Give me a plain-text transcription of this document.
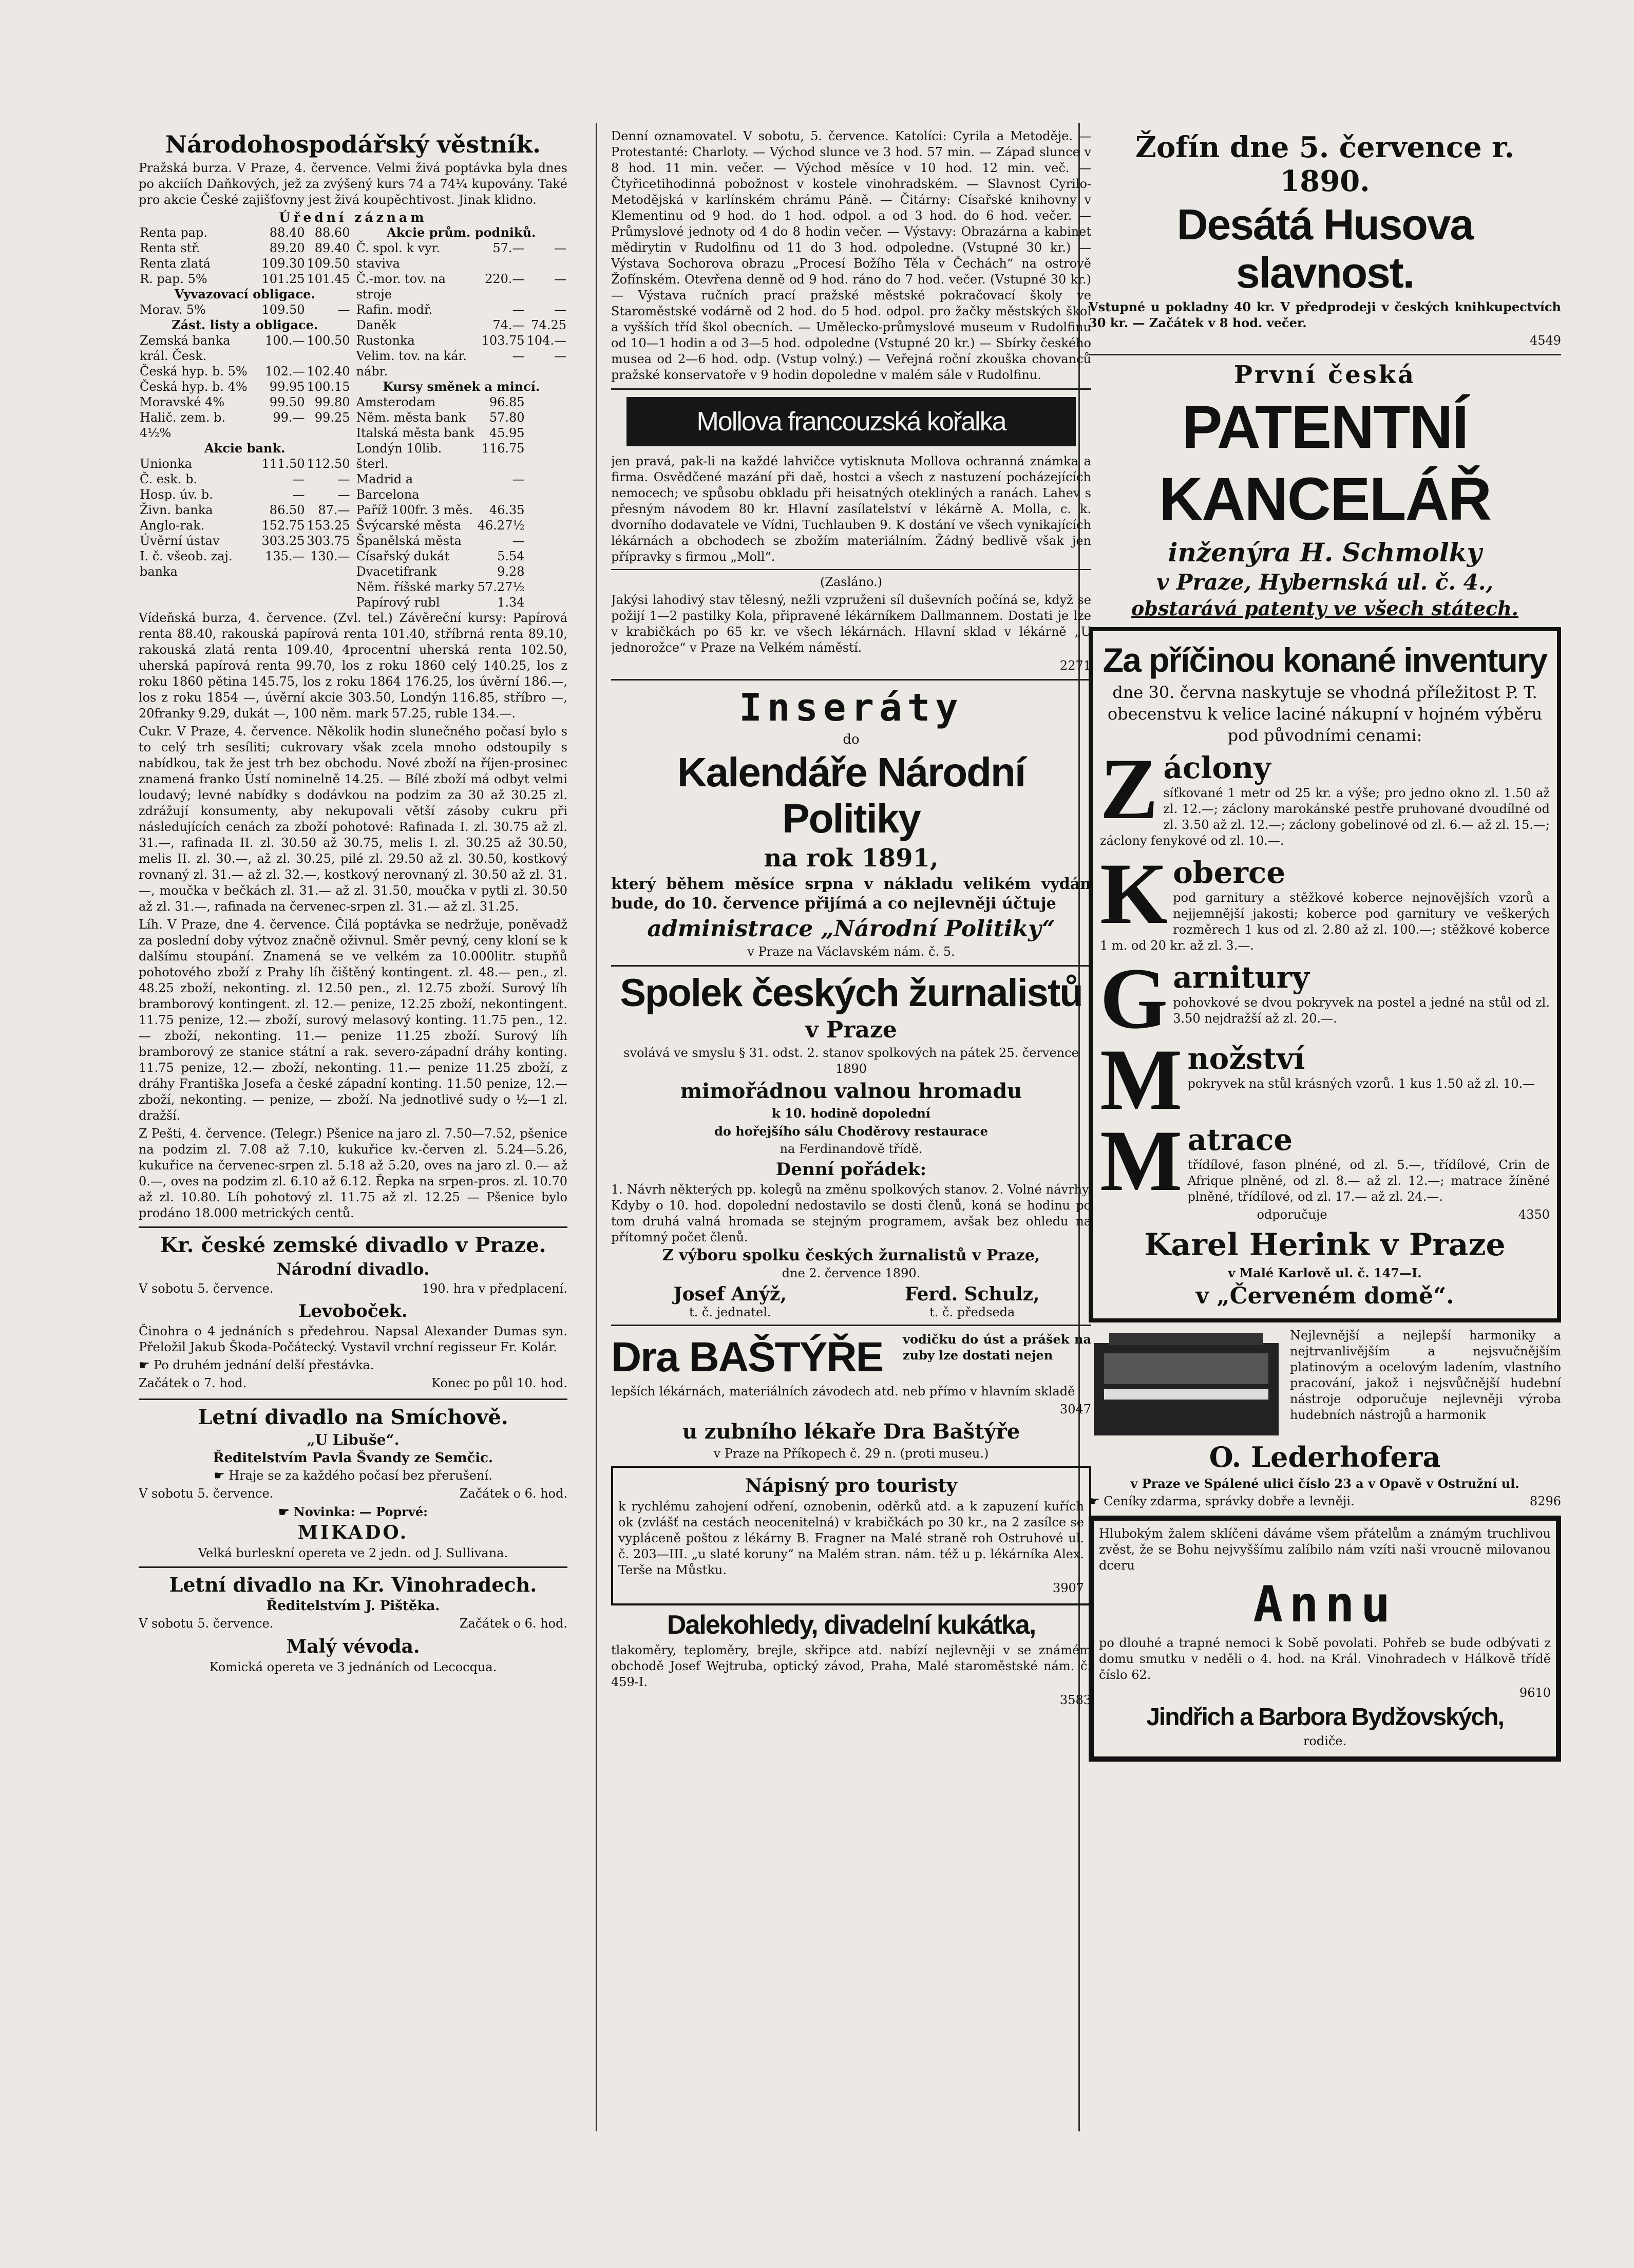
Národohospodářský věstník.

Pražská burza. V Praze, 4. července. Velmi živá poptávka byla dnes po akciích Daňkových, jež za zvýšený kurs 74 a 74¼ kupovány. Také pro akcie České zajišťovny jest živá koupěchtivost. Jinak klidno.

Úřední záznam
Renta pap.	88.40	88.60
Renta stř.	89.20	89.40
Renta zlatá	109.30	109.50
R. pap. 5%	101.25	101.45
Vyvazovací obligace.		
Morav. 5%	109.50	—
Zást. listy a obligace.		
Zemská banka král. Česk.	100.—	100.50
Česká hyp. b. 5%	102.—	102.40
Česká hyp. b. 4%	99.95	100.15
Moravské 4%	99.50	99.80
Halič. zem. b. 4½%	99.—	99.25
Akcie bank.		
Unionka	111.50	112.50
Č. esk. b.	—	—
Hosp. úv. b.	—	—
Živn. banka	86.50	87.—
Anglo-rak.	152.75	153.25
Úvěrní ústav	303.25	303.75
I. č. všeob. zaj. banka	135.—	130.—
Akcie prům. podniků.		
Č. spol. k vyr. staviva	57.—	—
Č.-mor. tov. na stroje	220.—	—
Rafin. modř.	—	—
Daněk	74.—	74.25
Rustonka	103.75	104.—
Velim. tov. na kár. nábr.	—	—
Kursy směnek a mincí.		
Amsterodam	96.85	
Něm. města bank	57.80	
Italská města bank	45.95	
Londýn 10lib. šterl.	116.75	
Madrid a Barcelona	—	
Paříž 100fr. 3 měs.	46.35	
Švýcarské města	46.27½	
Španělská města	—	
Císařský dukát	5.54	
Dvacetifrank	9.28	
Něm. říšské marky	57.27½	
Papírový rubl	1.34	

Vídeňská burza, 4. července. (Zvl. tel.) Závěreční kursy: Papírová renta 88.40, rakouská papírová renta 101.40, stříbrná renta 89.10, rakouská zlatá renta 109.40, 4procentní uherská renta 102.50, uherská papírová renta 99.70, los z roku 1860 celý 140.25, los z roku 1860 pětina 145.75, los z roku 1864 176.25, los úvěrní 186.—, los z roku 1854 —, úvěrní akcie 303.50, Londýn 116.85, stříbro —, 20franky 9.29, dukát —, 100 něm. mark 57.25, ruble 134.—.

Cukr. V Praze, 4. července. Několik hodin slunečného počasí bylo s to celý trh sesíliti; cukrovary však zcela mnoho odstoupily s nabídkou, tak že jest trh bez obchodu. Nové zboží na říjen-prosinec znamená franko Ústí nominelně 14.25. — Bílé zboží má odbyt velmi loudavý; levné nabídky s dodávkou na podzim za 30 až 30.25 zl. zdrážují konsumenty, aby nekupovali větší zásoby cukru při následujících cenách za zboží pohotové: Rafinada I. zl. 30.75 až zl. 31.—, rafinada II. zl. 30.50 až 30.75, melis I. zl. 30.25 až 30.50, melis II. zl. 30.—, až zl. 30.25, pilé zl. 29.50 až zl. 30.50, kostkový rovnaný zl. 31.— až zl. 32.—, kostkový nerovnaný zl. 30.50 až zl. 31.—, moučka v bečkách zl. 31.— až zl. 31.50, moučka v pytli zl. 30.50 až zl. 31.—, rafinada na červenec-srpen zl. 31.— až zl. 31.25.

Líh. V Praze, dne 4. července. Čilá poptávka se nedržuje, poněvadž za poslední doby výtvoz značně oživnul. Směr pevný, ceny kloní se k dalšímu stoupání. Znamená se ve velkém za 10.000litr. stupňů pohotového zboží z Prahy líh čištěný kontingent. zl. 48.— pen., zl. 48.25 zboží, nekonting. zl. 12.50 pen., zl. 12.75 zboží. Surový líh bramborový kontingent. zl. 12.— penize, 12.25 zboží, nekontingent. 11.75 penize, 12.— zboží, surový melasový konting. 11.75 pen., 12.— zboží, nekonting. 11.— penize 11.25 zboží. Surový líh bramborový ze stanice státní a rak. severo-západní dráhy konting. 11.75 penize, 12.— zboží, nekonting. 11.— penize 11.25 zboží, z dráhy Františka Josefa a české západní konting. 11.50 penize, 12.— zboží, nekonting. — penize, — zboží. Na jednotlivé sudy o ½—1 zl. dražší.

Z Pešti, 4. července. (Telegr.) Pšenice na jaro zl. 7.50—7.52, pšenice na podzim zl. 7.08 až 7.10, kukuřice kv.-červen zl. 5.24—5.26, kukuřice na červenec-srpen zl. 5.18 až 5.20, oves na jaro zl. 0.— až 0.—, oves na podzim zl. 6.10 až 6.12. Řepka na srpen-pros. zl. 10.70 až zl. 10.80. Líh pohotový zl. 11.75 až zl. 12.25 — Pšenice bylo prodáno 18.000 metrických centů.

Kr. české zemské divadlo v Praze.
Národní divadlo.

V sobotu 5. července.	190. hra v předplacení.

Levoboček.

Činohra o 4 jednáních s předehrou. Napsal Alexander Dumas syn. Přeložil Jakub Škoda-Počátecký. Vystavil vrchní regisseur Fr. Kolár.

☛ Po druhém jednání delší přestávka.

Začátek o 7. hod.	Konec po půl 10. hod.

Letní divadlo na Smíchově.
„U Libuše“.
Ředitelstvím Pavla Švandy ze Semčic.

☛ Hraje se za každého počasí bez přerušení.

V sobotu 5. července.	Začátek o 6. hod.

☛ Novinka: — Poprvé:

MIKADO.

Velká burleskní opereta ve 2 jedn. od J. Sullivana.

Letní divadlo na Kr. Vinohradech.
Ředitelstvím J. Pištěka.

V sobotu 5. července.	Začátek o 6. hod.

Malý vévoda.

Komická opereta ve 3 jednáních od Lecocqua.

Denní oznamovatel. V sobotu, 5. července. Katolíci: Cyrila a Metoděje. — Protestanté: Charloty. — Východ slunce ve 3 hod. 57 min. — Západ slunce v 8 hod. 11 min. večer. — Východ měsíce v 10 hod. 12 min. več. — Čtyřicetihodinná pobožnost v kostele vinohradském. — Slavnost Cyrilo-Metodějská v karlínském chrámu Páně. — Čitárny: Císařské knihovny v Klementinu od 9 hod. do 1 hod. odpol. a od 3 hod. do 6 hod. večer. — Průmyslové jednoty od 4 do 8 hodin večer. — Výstavy: Obrazárna a kabinet mědirytin v Rudolfinu od 11 do 3 hod. odpoledne. (Vstupné 30 kr.) — Výstava Sochorova obrazu „Procesí Božího Těla v Čechách“ na ostrově Žofínském. Otevřena denně od 9 hod. ráno do 7 hod. večer. (Vstupné 30 kr.) — Výstava ručních prací pražské městské pokračovací školy ve Staroměstské vodárně od 2 hod. do 5 hod. odpol. pro žačky městských škol a vyšších tříd škol obecních. — Umělecko-průmyslové museum v Rudolfinu od 10—1 hodin a od 3—5 hod. odpoledne (Vstupné 20 kr.) — Sbírky českého musea od 2—6 hod. odp. (Vstup volný.) — Veřejná roční zkouška chovanců pražské konservatoře v 9 hodin dopoledne v malém sále v Rudolfinu.

Mollova francouzská kořalka

jen pravá, pak-li na každé lahvičce vytisknuta Mollova ochranná známka a firma. Osvědčené mazání při daě, hostci a všech z nastuzení pocházejících nemocech; ve spůsobu obkladu při heisatných otekliných a ranách. Lahev s přesným návodem 80 kr. Hlavní zasílatelství v lékárně A. Molla, c. k. dvorního dodavatele ve Vídni, Tuchlauben 9. K dostání ve všech vynikajících lékárnách a obchodech se zbožím materiálním. Žádný bedlivě však jen přípravky s firmou „Moll“.

(Zasláno.)

Jakýsi lahodivý stav tělesný, nežli vzpruženi síl duševních počíná se, když se požijí 1—2 pastilky Kola, připravené lékárníkem Dallmannem. Dostati je lze v krabičkách po 65 kr. ve všech lékárnách. Hlavní sklad v lékárně „U jednorožce“ v Praze na Velkém náměstí.

2271

Inseráty
do
Kalendáře Národní Politiky
na rok 1891,

který během měsíce srpna v nákladu velikém vydán bude, do 10. července přijímá a co nejlevněji účtuje

administrace „Národní Politiky“

v Praze na Václavském nám. č. 5.

Spolek českých žurnalistů
v Praze

svolává ve smyslu § 31. odst. 2. stanov spolkových na pátek 25. července 1890

mimořádnou valnou hromadu

k 10. hodině dopolední

do hořejšího sálu Choděrovy restaurace

na Ferdinandově třídě.

Denní pořádek:

1. Návrh některých pp. kolegů na změnu spolkových stanov. 2. Volné návrhy. Kdyby o 10. hod. dopolední nedostavilo se dosti členů, koná se hodinu po tom druhá valná hromada se stejným programem, avšak bez ohledu na přítomný počet členů.

Z výboru spolku českých žurnalistů v Praze,

dne 2. července 1890.

Josef Anýž,
t. č. jednatel.
Ferd. Schulz,
t. č. předseda
Dra BAŠTÝŘE	vodičku do úst a prášek na zuby lze dostati nejen

lepších lékárnách, materiálních závodech atd. neb přímo v hlavním skladě

3047

u zubního lékaře Dra Baštýře

v Praze na Příkopech č. 29 n. (proti museu.)

Nápisný pro touristy

k rychlému zahojení odření, oznobenin, oděrků atd. a k zapuzení kuřích ok (zvlášť na cestách neocenitelná) v krabičkách po 30 kr., na 2 zasílce se vypláceně poštou z lékárny B. Fragner na Malé straně roh Ostruhové ul. č. 203—III. „u slaté koruny“ na Malém stran. nám. též u p. lékárníka Alex. Terše na Můstku.

3907

Dalekohledy, divadelní kukátka,

tlakoměry, teploměry, brejle, skřipce atd. nabízí nejlevněji v se známém obchodě Josef Wejtruba, optický závod, Praha, Malé staroměstské nám. č. 459-I.

3583

Žofín dne 5. července r. 1890.
Desátá Husova slavnost.

Vstupné u pokladny 40 kr. V předprodeji v českých knihkupectvích 30 kr. — Začátek v 8 hod. večer.

4549

První česká
PATENTNÍ KANCELÁŘ
inženýra H. Schmolky
v Praze, Hybernská ul. č. 4.,
obstarává patenty ve všech státech.
Za příčinou konané inventury

dne 30. června naskytuje se vhodná příležitost P. T. obecenstvu k velice laciné nákupní v hojném výběru pod původními cenami:

Z áclony

síťkované 1 metr od 25 kr. a výše; pro jedno okno zl. 1.50 až zl. 12.—; záclony marokánské pestře pruhované dvoudílné od zl. 3.50 až zl. 12.—; záclony gobelinové od zl. 6.— až zl. 15.—; záclony fenykové od zl. 10.—.

K oberce

pod garnitury a stěžkové koberce nejnovějších vzorů a nejjemnější jakosti; koberce pod garnitury ve veškerých rozměrech 1 kus od zl. 2.80 až zl. 100.—; stěžkové koberce 1 m. od 20 kr. až zl. 3.—.

G arnitury

pohovkové se dvou pokryvek na postel a jedné na stůl od zl. 3.50 nejdražší až zl. 20.—.

M nožství

pokryvek na stůl krásných vzorů. 1 kus 1.50 až zl. 10.—

M atrace

třídílové, fason plnéné, od zl. 5.—, třídílové, Crin de Afrique plněné, od zl. 8.— až zl. 12.—; matrace žíněné plněné, třídílové, od zl. 17.— až zl. 24.—.

odporučuje	4350

Karel Herink v Praze

v Malé Karlově ul. č. 147—I.

v „Červeném domě“.

Nejlevnější a nejlepší harmoniky a nejtrvanlivějším a nejsvučnějším platinovým a ocelovým ladením, vlastního pracování, jakož i nejsvůčnější hudební nástroje odporučuje nejlevněji výroba hudebních nástrojů a harmonik

O. Lederhofera

v Praze ve Spálené ulici číslo 23 a v Opavě v Ostružní ul.

☛ Ceníky zdarma, správky dobře a levněji.	8296

Hlubokým žalem sklíčeni dáváme všem přátelům a známým truchlivou zvěst, že se Bohu nejvyššímu zalíbilo nám vzíti naši vroucně milovanou dceru

Annu

po dlouhé a trapné nemoci k Sobě povolati. Pohřeb se bude odbývati z domu smutku v neděli o 4. hod. na Král. Vinohradech v Hálkově třídě číslo 62.

9610

Jindřich a Barbora Bydžovských,

rodiče.
